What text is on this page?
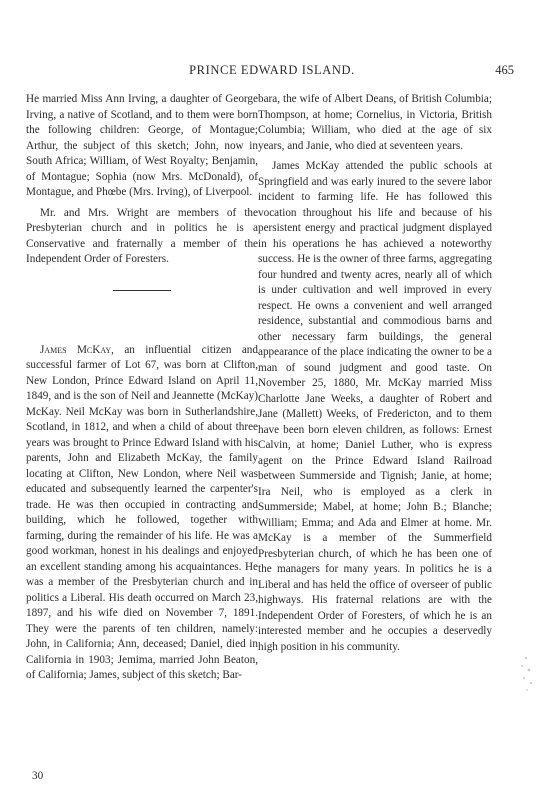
PRINCE EDWARD ISLAND.	465

He married Miss Ann Irving, a daughter of George Irving, a native of Scotland, and to them were born the following children: George, of Montague; Arthur, the subject of this sketch; John, now in South Africa; William, of West Royalty; Benjamin, of Montague; Sophia (now Mrs. McDonald), of Montague, and Phœbe (Mrs. Irving), of Liverpool.

Mr. and Mrs. Wright are members of the Presbyterian church and in politics he is a Conservative and fraternally a member of the Independent Order of Foresters.

James McKay, an influential citizen and successful farmer of Lot 67, was born at Clifton, New London, Prince Edward Island on April 11, 1849, and is the son of Neil and Jeannette (McKay) McKay. Neil McKay was born in Sutherlandshire, Scotland, in 1812, and when a child of about three years was brought to Prince Edward Island with his parents, John and Elizabeth McKay, the family locating at Clifton, New London, where Neil was educated and subsequently learned the carpenter's trade. He was then occupied in contracting and building, which he followed, together with farming, during the remainder of his life. He was a good workman, honest in his dealings and enjoyed an excellent standing among his acquaintances. He was a member of the Presbyterian church and in politics a Liberal. His death occurred on March 23, 1897, and his wife died on November 7, 1891. They were the parents of ten children, namely: John, in California; Ann, deceased; Daniel, died in California in 1903; Jemima, married John Beaton, of California; James, subject of this sketch; Bar-

bara, the wife of Albert Deans, of British Columbia; Thompson, at home; Cornelius, in Victoria, British Columbia; William, who died at the age of six years, and Janie, who died at seventeen years.

James McKay attended the public schools at Springfield and was early inured to the severe labor incident to farming life. He has followed this vocation throughout his life and because of his persistent energy and practical judgment displayed in his operations he has achieved a noteworthy success. He is the owner of three farms, aggregating four hundred and twenty acres, nearly all of which is under cultivation and well improved in every respect. He owns a convenient and well arranged residence, substantial and commodious barns and other necessary farm buildings, the general appearance of the place indicating the owner to be a man of sound judgment and good taste. On November 25, 1880, Mr. McKay married Miss Charlotte Jane Weeks, a daughter of Robert and Jane (Mallett) Weeks, of Fredericton, and to them have been born eleven children, as follows: Ernest Calvin, at home; Daniel Luther, who is express agent on the Prince Edward Island Railroad between Summerside and Tignish; Janie, at home; Ira Neil, who is employed as a clerk in Summerside; Mabel, at home; John B.; Blanche; William; Emma; and Ada and Elmer at home. Mr. McKay is a member of the Summerfield Presbyterian church, of which he has been one of the managers for many years. In politics he is a Liberal and has held the office of overseer of public highways. His fraternal relations are with the Independent Order of Foresters, of which he is an interested member and he occupies a deservedly high position in his community.

30
